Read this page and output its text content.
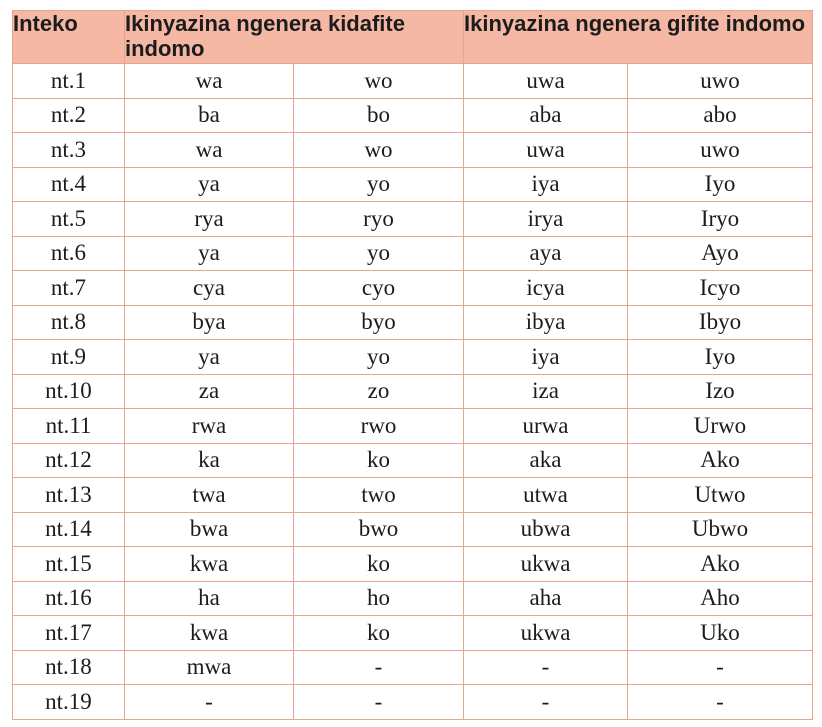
Inteko	Ikinyazina ngenera kidafite indomo		Ikinyazina ngenera gifite indomo	
nt.1	wa	wo	uwa	uwo
nt.2	ba	bo	aba	abo
nt.3	wa	wo	uwa	uwo
nt.4	ya	yo	iya	Iyo
nt.5	rya	ryo	irya	Iryo
nt.6	ya	yo	aya	Ayo
nt.7	cya	cyo	icya	Icyo
nt.8	bya	byo	ibya	Ibyo
nt.9	ya	yo	iya	Iyo
nt.10	za	zo	iza	Izo
nt.11	rwa	rwo	urwa	Urwo
nt.12	ka	ko	aka	Ako
nt.13	twa	two	utwa	Utwo
nt.14	bwa	bwo	ubwa	Ubwo
nt.15	kwa	ko	ukwa	Ako
nt.16	ha	ho	aha	Aho
nt.17	kwa	ko	ukwa	Uko
nt.18	mwa	-	-	-
nt.19	-	-	-	-
